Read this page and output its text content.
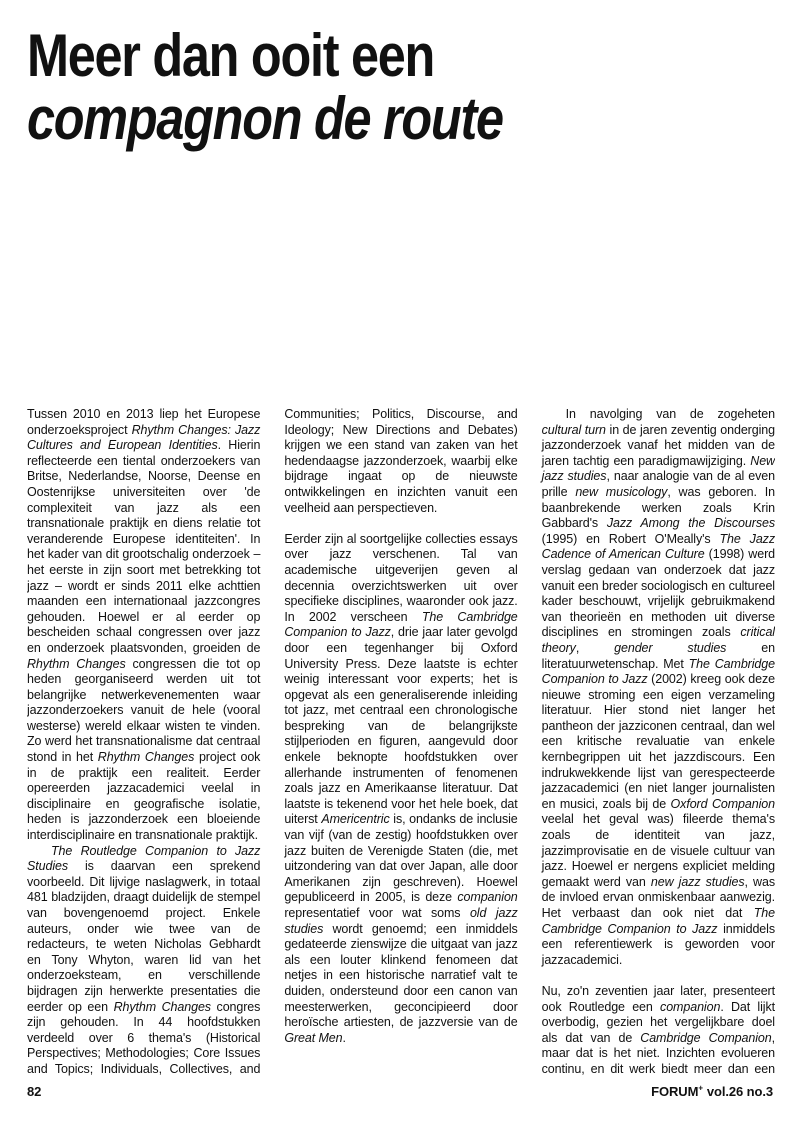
Meer dan ooit een
compagnon de route

Tussen 2010 en 2013 liep het Europese onderzoeksproject Rhythm Changes: Jazz Cultures and European Identities. Hierin reflecteerde een tiental onderzoekers van Britse, Nederlandse, Noorse, Deense en Oostenrijkse universiteiten over 'de complexiteit van jazz als een transnationale praktijk en diens relatie tot veranderende Europese identiteiten'. In het kader van dit grootschalig onderzoek – het eerste in zijn soort met betrekking tot jazz – wordt er sinds 2011 elke achttien maanden een internationaal jazzcongres gehouden. Hoewel er al eerder op bescheiden schaal congressen over jazz en onderzoek plaatsvonden, groeiden de Rhythm Changes congressen die tot op heden georganiseerd werden uit tot belangrijke netwerkevenementen waar jazzonderzoekers vanuit de hele (vooral westerse) wereld elkaar wisten te vinden. Zo werd het transnationalisme dat centraal stond in het Rhythm Changes project ook in de praktijk een realiteit. Eerder opereerden jazzacademici veelal in disciplinaire en geografische isolatie, heden is jazzonderzoek een bloeiende interdisciplinaire en transnationale praktijk.

The Routledge Companion to Jazz Studies is daarvan een sprekend voorbeeld. Dit lijvige naslagwerk, in totaal 481 bladzijden, draagt duidelijk de stempel van bovengenoemd project. Enkele auteurs, onder wie twee van de redacteurs, te weten Nicholas Gebhardt en Tony Whyton, waren lid van het onderzoeksteam, en verschillende bijdragen zijn herwerkte presentaties die eerder op een Rhythm Changes congres zijn gehouden. In 44 hoofdstukken verdeeld over 6 thema's (Historical Perspectives; Methodologies; Core Issues and Topics; Individuals, Collectives, and Communities; Politics, Discourse, and Ideology; New Directions and Debates) krijgen we een stand van zaken van het hedendaagse jazzonderzoek, waarbij elke bijdrage ingaat op de nieuwste ontwikkelingen en inzichten vanuit een veelheid aan perspectieven.

Eerder zijn al soortgelijke collecties essays over jazz verschenen. Tal van academische uitgeverijen geven al decennia overzichtswerken uit over specifieke disciplines, waaronder ook jazz. In 2002 verscheen The Cambridge Companion to Jazz, drie jaar later gevolgd door een tegenhanger bij Oxford University Press. Deze laatste is echter weinig interessant voor experts; het is opgevat als een generaliserende inleiding tot jazz, met centraal een chronologische bespreking van de belangrijkste stijlperioden en figuren, aangevuld door enkele beknopte hoofdstukken over allerhande instrumenten of fenomenen zoals jazz en Amerikaanse literatuur. Dat laatste is tekenend voor het hele boek, dat uiterst Americentric is, ondanks de inclusie van vijf (van de zestig) hoofdstukken over jazz buiten de Verenigde Staten (die, met uitzondering van dat over Japan, alle door Amerikanen zijn geschreven). Hoewel gepubliceerd in 2005, is deze companion representatief voor wat soms old jazz studies wordt genoemd; een inmiddels gedateerde zienswijze die uitgaat van jazz als een louter klinkend fenomeen dat netjes in een historische narratief valt te duiden, ondersteund door een canon van meesterwerken, geconcipieerd door heroïsche artiesten, de jazzversie van de Great Men.

In navolging van de zogeheten cultural turn in de jaren zeventig onderging jazzonderzoek vanaf het midden van de jaren tachtig een paradigmawijziging. New jazz studies, naar analogie van de al even prille new musicology, was geboren. In baanbrekende werken zoals Krin Gabbard's Jazz Among the Discourses (1995) en Robert O'Meally's The Jazz Cadence of American Culture (1998) werd verslag gedaan van onderzoek dat jazz vanuit een breder sociologisch en cultureel kader beschouwt, vrijelijk gebruikmakend van theorieën en methoden uit diverse disciplines en stromingen zoals critical theory, gender studies en literatuurwetenschap. Met The Cambridge Companion to Jazz (2002) kreeg ook deze nieuwe stroming een eigen verzameling literatuur. Hier stond niet langer het pantheon der jazziconen centraal, dan wel een kritische revaluatie van enkele kernbegrippen uit het jazzdiscours. Een indrukwekkende lijst van gerespecteerde jazzacademici (en niet langer journalisten en musici, zoals bij de Oxford Companion veelal het geval was) fileerde thema's zoals de identiteit van jazz, jazzimprovisatie en de visuele cultuur van jazz. Hoewel er nergens expliciet melding gemaakt werd van new jazz studies, was de invloed ervan onmiskenbaar aanwezig. Het verbaast dan ook niet dat The Cambridge Companion to Jazz inmiddels een referentiewerk is geworden voor jazzacademici.

Nu, zo'n zeventien jaar later, presenteert ook Routledge een companion. Dat lijkt overbodig, gezien het vergelijkbare doel als dat van de Cambridge Companion, maar dat is het niet. Inzichten evolueren continu, en dit werk biedt meer dan een

82	FORUM+ vol.26 no.3
